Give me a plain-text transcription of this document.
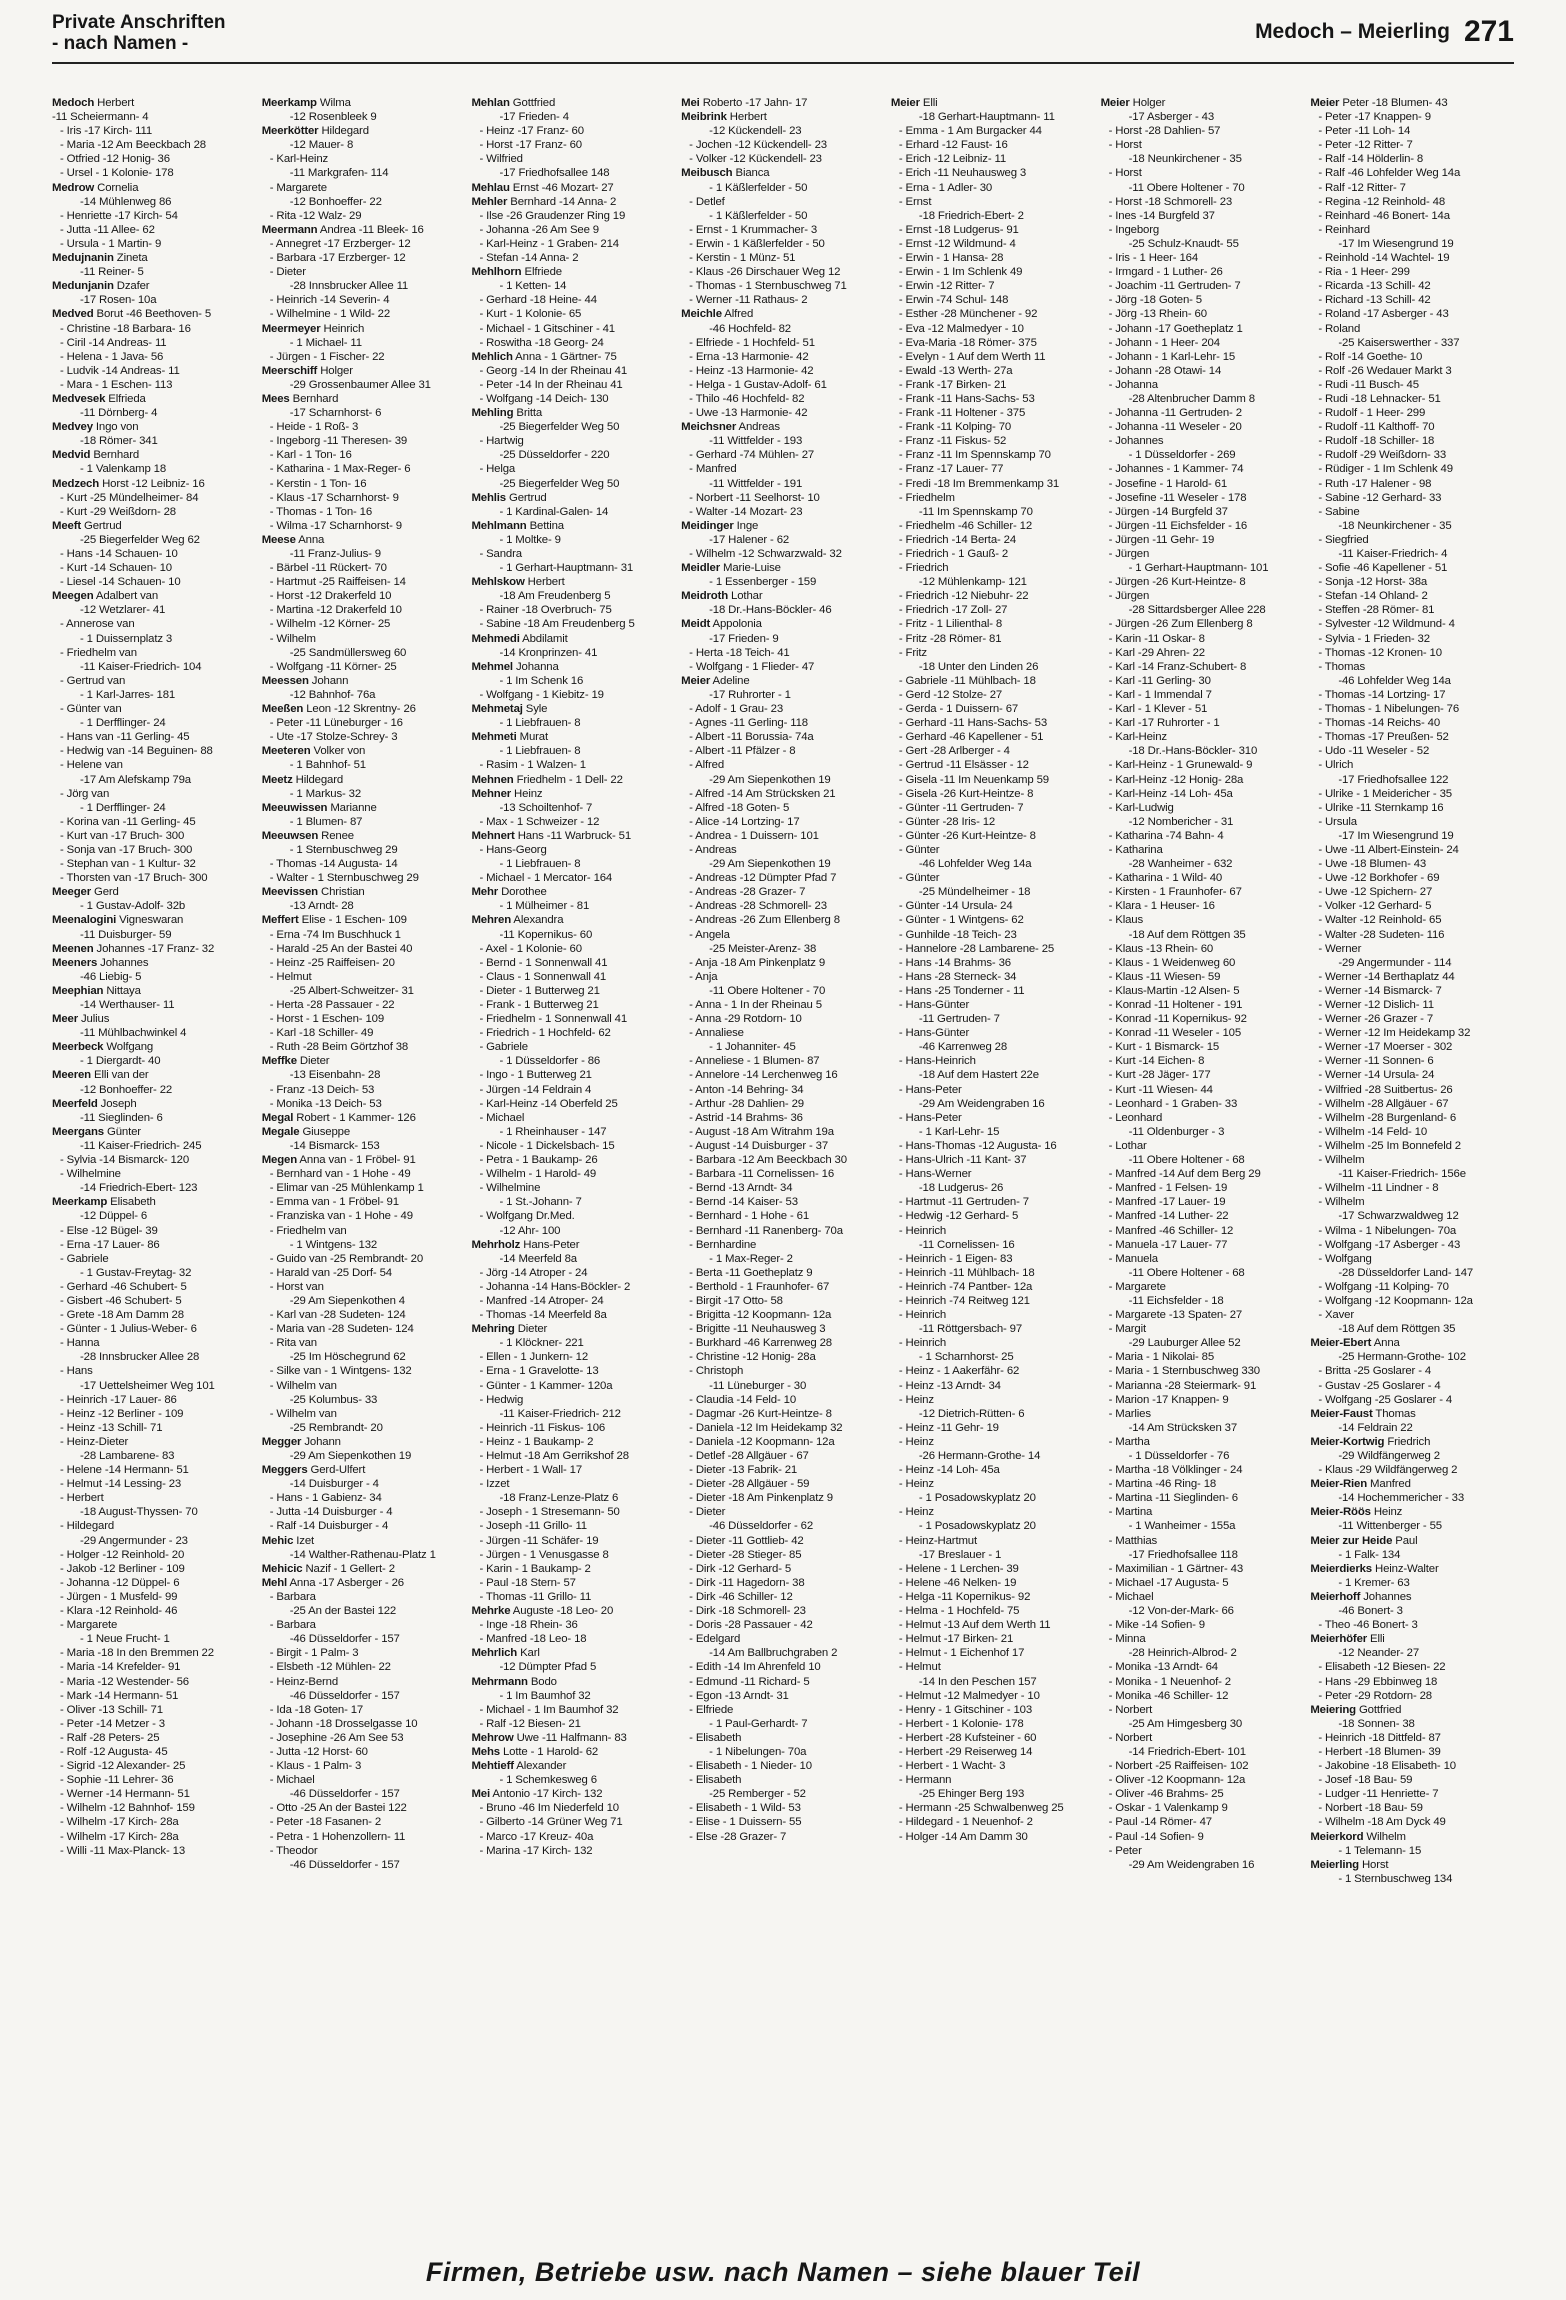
Private Anschriften
- nach Namen -
Medoch – Meierling 271
Medoch Herbert
-11 Scheiermann- 4
- Iris -17 Kirch- 111
- Maria -12 Am Beeckbach 28
- Otfried -12 Honig- 36
- Ursel - 1 Kolonie- 178
Medrow Cornelia
-14 Mühlenweg 86
- Henriette -17 Kirch- 54
- Jutta -11 Allee- 62
- Ursula - 1 Martin- 9
Medujnanin Zineta
-11 Reiner- 5
Medunjanin Dzafer
-17 Rosen- 10a
Medved Borut -46 Beethoven- 5
- Christine -18 Barbara- 16
- Ciril -14 Andreas- 11
- Helena - 1 Java- 56
- Ludvik -14 Andreas- 11
- Mara - 1 Eschen- 113
Medvesek Elfrieda
-11 Dörnberg- 4
Medvey Ingo von
-18 Römer- 341
Medvid Bernhard
- 1 Valenkamp 18
Medzech Horst -12 Leibniz- 16
- Kurt -25 Mündelheimer- 84
- Kurt -29 Weißdorn- 28
Meeft Gertrud
-25 Biegerfelder Weg 62
- Hans -14 Schauen- 10
- Kurt -14 Schauen- 10
- Liesel -14 Schauen- 10
Meegen Adalbert van
-12 Wetzlarer- 41
- Annerose van
- 1 Duissernplatz 3
- Friedhelm van
-11 Kaiser-Friedrich- 104
- Gertrud van
- 1 Karl-Jarres- 181
- Günter van
- 1 Derfflinger- 24
- Hans van -11 Gerling- 45
- Hedwig van -14 Beguinen- 88
- Helene van
-17 Am Alefskamp 79a
- Jörg van
- 1 Derfflinger- 24
- Korina van -11 Gerling- 45
- Kurt van -17 Bruch- 300
- Sonja van -17 Bruch- 300
- Stephan van - 1 Kultur- 32
- Thorsten van -17 Bruch- 300
Meeger Gerd
- 1 Gustav-Adolf- 32b
Meenalogini Vigneswaran
-11 Duisburger- 59
Meenen Johannes -17 Franz- 32
Meeners Johannes
-46 Liebig- 5
Meephian Nittaya
-14 Werthauser- 11
Meer Julius
-11 Mühlbachwinkel 4
Meerbeck Wolfgang
- 1 Diergardt- 40
Meeren Elli van der
-12 Bonhoeffer- 22
Meerfeld Joseph
-11 Sieglinden- 6
Meergans Günter
-11 Kaiser-Friedrich- 245
- Sylvia -14 Bismarck- 120
- Wilhelmine
-14 Friedrich-Ebert- 123
Meerkamp Elisabeth
-12 Düppel- 6
- Else -12 Bügel- 39
- Erna -17 Lauer- 86
- Gabriele
- 1 Gustav-Freytag- 32
- Gerhard -46 Schubert- 5
- Gisbert -46 Schubert- 5
- Grete -18 Am Damm 28
- Günter - 1 Julius-Weber- 6
- Hanna
-28 Innsbrucker Allee 28
- Hans
-17 Uettelsheimer Weg 101
- Heinrich -17 Lauer- 86
- Heinz -12 Berliner - 109
- Heinz -13 Schill- 71
- Heinz-Dieter
-28 Lambarene- 83
- Helene -14 Hermann- 51
- Helmut -14 Lessing- 23
- Herbert
-18 August-Thyssen- 70
- Hildegard
-29 Angermunder - 23
- Holger -12 Reinhold- 20
- Jakob -12 Berliner - 109
- Johanna -12 Düppel- 6
- Jürgen - 1 Musfeld- 99
- Klara -12 Reinhold- 46
- Margarete
- 1 Neue Frucht- 1
- Maria -18 In den Bremmen 22
- Maria -14 Krefelder- 91
- Maria -12 Westender- 56
- Mark -14 Hermann- 51
- Oliver -13 Schill- 71
- Peter -14 Metzer - 3
- Ralf -28 Peters- 25
- Rolf -12 Augusta- 45
- Sigrid -12 Alexander- 25
- Sophie -11 Lehrer- 36
- Werner -14 Hermann- 51
- Wilhelm -12 Bahnhof- 159
- Wilhelm -17 Kirch- 28a
- Wilhelm -17 Kirch- 28a
- Willi -11 Max-Planck- 13
Meerkamp Wilma
-12 Rosenbleek 9
Meerkötter Hildegard
-12 Mauer- 8
- Karl-Heinz
-11 Markgrafen- 114
- Margarete
-12 Bonhoeffer- 22
- Rita -12 Walz- 29
Meermann Andrea -11 Bleek- 16
- Annegret -17 Erzberger- 12
- Barbara -17 Erzberger- 12
- Dieter
-28 Innsbrucker Allee 11
- Heinrich -14 Severin- 4
- Wilhelmine - 1 Wild- 22
Meermeyer Heinrich
- 1 Michael- 11
- Jürgen - 1 Fischer- 22
Meerschiff Holger
-29 Grossenbaumer Allee 31
Mees Bernhard
-17 Scharnhorst- 6
- Heide - 1 Roß- 3
- Ingeborg -11 Theresen- 39
- Karl - 1 Ton- 16
- Katharina - 1 Max-Reger- 6
- Kerstin - 1 Ton- 16
- Klaus -17 Scharnhorst- 9
- Thomas - 1 Ton- 16
- Wilma -17 Scharnhorst- 9
Meese Anna
-11 Franz-Julius- 9
- Bärbel -11 Rückert- 70
- Hartmut -25 Raiffeisen- 14
- Horst -12 Drakerfeld 10
- Martina -12 Drakerfeld 10
- Wilhelm -12 Körner- 25
- Wilhelm
-25 Sandmüllersweg 60
- Wolfgang -11 Körner- 25
Meessen Johann
-12 Bahnhof- 76a
Meeßen Leon -12 Skrentny- 26
- Peter -11 Lüneburger - 16
- Ute -17 Stolze-Schrey- 3
Meeteren Volker von
- 1 Bahnhof- 51
Meetz Hildegard
- 1 Markus- 32
Meeuwissen Marianne
- 1 Blumen- 87
Meeuwsen Renee
- 1 Sternbuschweg 29
- Thomas -14 Augusta- 14
- Walter - 1 Sternbuschweg 29
Meevissen Christian
-13 Arndt- 28
Meffert Elise - 1 Eschen- 109
- Erna -74 Im Buschhuck 1
- Harald -25 An der Bastei 40
- Heinz -25 Raiffeisen- 20
- Helmut
-25 Albert-Schweitzer- 31
- Herta -28 Passauer - 22
- Horst - 1 Eschen- 109
- Karl -18 Schiller- 49
- Ruth -28 Beim Görtzhof 38
Meffke Dieter
-13 Eisenbahn- 28
- Franz -13 Deich- 53
- Monika -13 Deich- 53
Megal Robert - 1 Kammer- 126
Megale Giuseppe
-14 Bismarck- 153
Megen Anna van - 1 Fröbel- 91
- Bernhard van - 1 Hohe - 49
- Elimar van -25 Mühlenkamp 1
- Emma van - 1 Fröbel- 91
- Franziska van - 1 Hohe - 49
- Friedhelm van
- 1 Wintgens- 132
- Guido van -25 Rembrandt- 20
- Harald van -25 Dorf- 54
- Horst van
-29 Am Siepenkothen 4
- Karl van -28 Sudeten- 124
- Maria van -28 Sudeten- 124
- Rita van
-25 Im Höschegrund 62
- Silke van - 1 Wintgens- 132
- Wilhelm van
-25 Kolumbus- 33
- Wilhelm van
-25 Rembrandt- 20
Megger Johann
-29 Am Siepenkothen 19
Meggers Gerd-Ulfert
-14 Duisburger - 4
- Hans - 1 Gabienz- 34
- Jutta -14 Duisburger - 4
- Ralf -14 Duisburger - 4
Mehic Izet
-14 Walther-Rathenau-Platz 1
Mehicic Nazif - 1 Gellert- 2
Mehl Anna -17 Asberger - 26
- Barbara
-25 An der Bastei 122
- Barbara
-46 Düsseldorfer - 157
- Birgit - 1 Palm- 3
- Elsbeth -12 Mühlen- 22
- Heinz-Bernd
-46 Düsseldorfer - 157
- Ida -18 Goten- 17
- Johann -18 Drosselgasse 10
- Josephine -26 Am See 53
- Jutta -12 Horst- 60
- Klaus - 1 Palm- 3
- Michael
-46 Düsseldorfer - 157
- Otto -25 An der Bastei 122
- Peter -18 Fasanen- 2
- Petra - 1 Hohenzollern- 11
- Theodor
-46 Düsseldorfer - 157
Mehlan Gottfried
-17 Frieden- 4
- Heinz -17 Franz- 60
- Horst -17 Franz- 60
- Wilfried
-17 Friedhofsallee 148
Mehlau Ernst -46 Mozart- 27
Mehler Bernhard -14 Anna- 2
- Ilse -26 Graudenzer Ring 19
- Johanna -26 Am See 9
- Karl-Heinz - 1 Graben- 214
- Stefan -14 Anna- 2
Mehlhorn Elfriede
- 1 Ketten- 14
- Gerhard -18 Heine- 44
- Kurt - 1 Kolonie- 65
- Michael - 1 Gitschiner - 41
- Roswitha -18 Georg- 24
Mehlich Anna - 1 Gärtner- 75
- Georg -14 In der Rheinau 41
- Peter -14 In der Rheinau 41
- Wolfgang -14 Deich- 130
Mehling Britta
-25 Biegerfelder Weg 50
- Hartwig
-25 Düsseldorfer - 220
- Helga
-25 Biegerfelder Weg 50
Mehlis Gertrud
- 1 Kardinal-Galen- 14
Mehlmann Bettina
- 1 Moltke- 9
- Sandra
- 1 Gerhart-Hauptmann- 31
Mehlskow Herbert
-18 Am Freudenberg 5
- Rainer -18 Overbruch- 75
- Sabine -18 Am Freudenberg 5
Mehmedi Abdilamit
-14 Kronprinzen- 41
Mehmel Johanna
- 1 Im Schenk 16
- Wolfgang - 1 Kiebitz- 19
Mehmetaj Syle
- 1 Liebfrauen- 8
Mehmeti Murat
- 1 Liebfrauen- 8
- Rasim - 1 Walzen- 1
Mehnen Friedhelm - 1 Dell- 22
Mehner Heinz
-13 Schoiltenhof- 7
- Max - 1 Schweizer - 12
Mehnert Hans -11 Warbruck- 51
- Hans-Georg
- 1 Liebfrauen- 8
- Michael - 1 Mercator- 164
Mehr Dorothee
- 1 Mülheimer - 81
Mehren Alexandra
-11 Kopernikus- 60
- Axel - 1 Kolonie- 60
- Bernd - 1 Sonnenwall 41
- Claus - 1 Sonnenwall 41
- Dieter - 1 Butterweg 21
- Frank - 1 Butterweg 21
- Friedhelm - 1 Sonnenwall 41
- Friedrich - 1 Hochfeld- 62
- Gabriele
- 1 Düsseldorfer - 86
- Ingo - 1 Butterweg 21
- Jürgen -14 Feldrain 4
- Karl-Heinz -14 Oberfeld 25
- Michael
- 1 Rheinhauser - 147
- Nicole - 1 Dickelsbach- 15
- Petra - 1 Baukamp- 26
- Wilhelm - 1 Harold- 49
- Wilhelmine
- 1 St.-Johann- 7
- Wolfgang Dr.Med.
-12 Ahr- 100
Mehrholz Hans-Peter
-14 Meerfeld 8a
- Jörg -14 Atroper - 24
- Johanna -14 Hans-Böckler- 2
- Manfred -14 Atroper- 24
- Thomas -14 Meerfeld 8a
Mehring Dieter
- 1 Klöckner- 221
- Ellen - 1 Junkern- 12
- Erna - 1 Gravelotte- 13
- Günter - 1 Kammer- 120a
- Hedwig
-11 Kaiser-Friedrich- 212
- Heinrich -11 Fiskus- 106
- Heinz - 1 Baukamp- 2
- Helmut -18 Am Gerrikshof 28
- Herbert - 1 Wall- 17
- Izzet
-18 Franz-Lenze-Platz 6
- Joseph - 1 Stresemann- 50
- Joseph -11 Grillo- 11
- Jürgen -11 Schäfer- 19
- Jürgen - 1 Venusgasse 8
- Karin - 1 Baukamp- 2
- Paul -18 Stern- 57
- Thomas -11 Grillo- 11
Mehrke Auguste -18 Leo- 20
- Inge -18 Rhein- 36
- Manfred -18 Leo- 18
Mehrlich Karl
-12 Dümpter Pfad 5
Mehrmann Bodo
- 1 Im Baumhof 32
- Michael - 1 Im Baumhof 32
- Ralf -12 Biesen- 21
Mehrow Uwe -11 Halfmann- 83
Mehs Lotte - 1 Harold- 62
Mehtieff Alexander
- 1 Schemkesweg 6
Mei Antonio -17 Kirch- 132
- Bruno -46 Im Niederfeld 10
- Gilberto -14 Grüner Weg 71
- Marco -17 Kreuz- 40a
- Marina -17 Kirch- 132
Mei Roberto -17 Jahn- 17
Meibrink Herbert
-12 Kückendell- 23
- Jochen -12 Kückendell- 23
- Volker -12 Kückendell- 23
Meibusch Bianca
- 1 Käßlerfelder - 50
- Detlef
- 1 Käßlerfelder - 50
- Ernst - 1 Krummacher- 3
- Erwin - 1 Käßlerfelder - 50
- Kerstin - 1 Münz- 51
- Klaus -26 Dirschauer Weg 12
- Thomas - 1 Sternbuschweg 71
- Werner -11 Rathaus- 2
Meichle Alfred
-46 Hochfeld- 82
- Elfriede - 1 Hochfeld- 51
- Erna -13 Harmonie- 42
- Heinz -13 Harmonie- 42
- Helga - 1 Gustav-Adolf- 61
- Thilo -46 Hochfeld- 82
- Uwe -13 Harmonie- 42
Meichsner Andreas
-11 Wittfelder - 193
- Gerhard -74 Mühlen- 27
- Manfred
-11 Wittfelder - 191
- Norbert -11 Seelhorst- 10
- Walter -14 Mozart- 23
Meidinger Inge
-17 Halener - 62
- Wilhelm -12 Schwarzwald- 32
Meidler Marie-Luise
- 1 Essenberger - 159
Meidroth Lothar
-18 Dr.-Hans-Böckler- 46
Meidt Appolonia
-17 Frieden- 9
- Herta -18 Teich- 41
- Wolfgang - 1 Flieder- 47
Meier Adeline
-17 Ruhrorter - 1
- Adolf - 1 Grau- 23
- Agnes -11 Gerling- 118
- Albert -11 Borussia- 74a
- Albert -11 Pfälzer - 8
- Alfred
-29 Am Siepenkothen 19
- Alfred -14 Am Strücksken 21
- Alfred -18 Goten- 5
- Alice -14 Lortzing- 17
- Andrea - 1 Duissern- 101
- Andreas
-29 Am Siepenkothen 19
- Andreas -12 Dümpter Pfad 7
- Andreas -28 Grazer- 7
- Andreas -28 Schmorell- 23
- Andreas -26 Zum Ellenberg 8
- Angela
-25 Meister-Arenz- 38
- Anja -18 Am Pinkenplatz 9
- Anja
-11 Obere Holtener - 70
- Anna - 1 In der Rheinau 5
- Anna -29 Rotdorn- 10
- Annaliese
- 1 Johanniter- 45
- Anneliese - 1 Blumen- 87
- Annelore -14 Lerchenweg 16
- Anton -14 Behring- 34
- Arthur -28 Dahlien- 29
- Astrid -14 Brahms- 36
- August -18 Am Witrahm 19a
- August -14 Duisburger - 37
- Barbara -12 Am Beeckbach 30
- Barbara -11 Cornelissen- 16
- Bernd -13 Arndt- 34
- Bernd -14 Kaiser- 53
- Bernhard - 1 Hohe - 61
- Bernhard -11 Ranenberg- 70a
- Bernhardine
- 1 Max-Reger- 2
- Berta -11 Goetheplatz 9
- Berthold - 1 Fraunhofer- 67
- Birgit -17 Otto- 58
- Brigitta -12 Koopmann- 12a
- Brigitte -11 Neuhausweg 3
- Burkhard -46 Karrenweg 28
- Christine -12 Honig- 28a
- Christoph
-11 Lüneburger - 30
- Claudia -14 Feld- 10
- Dagmar -26 Kurt-Heintze- 8
- Daniela -12 Im Heidekamp 32
- Daniela -12 Koopmann- 12a
- Detlef -28 Allgäuer - 67
- Dieter -13 Fabrik- 21
- Dieter -28 Allgäuer - 59
- Dieter -18 Am Pinkenplatz 9
- Dieter
-46 Düsseldorfer - 62
- Dieter -11 Gottlieb- 42
- Dieter -28 Stieger- 85
- Dirk -12 Gerhard- 5
- Dirk -11 Hagedorn- 38
- Dirk -46 Schiller- 12
- Dirk -18 Schmorell- 23
- Doris -28 Passauer - 42
- Edelgard
-14 Am Ballbruchgraben 2
- Edith -14 Im Ahrenfeld 10
- Edmund -11 Richard- 5
- Egon -13 Arndt- 31
- Elfriede
- 1 Paul-Gerhardt- 7
- Elisabeth
- 1 Nibelungen- 70a
- Elisabeth - 1 Nieder- 10
- Elisabeth
-25 Remberger - 52
- Elisabeth - 1 Wild- 53
- Elise - 1 Duissern- 55
- Else -28 Grazer- 7
Meier Elli
-18 Gerhart-Hauptmann- 11
- Emma - 1 Am Burgacker 44
- Erhard -12 Faust- 16
- Erich -12 Leibniz- 11
- Erich -11 Neuhausweg 3
- Erna - 1 Adler- 30
- Ernst
-18 Friedrich-Ebert- 2
- Ernst -18 Ludgerus- 91
- Ernst -12 Wildmund- 4
- Erwin - 1 Hansa- 28
- Erwin - 1 Im Schlenk 49
- Erwin -12 Ritter- 7
- Erwin -74 Schul- 148
- Esther -28 Münchener - 92
- Eva -12 Malmedyer - 10
- Eva-Maria -18 Römer- 375
- Evelyn - 1 Auf dem Werth 11
- Ewald -13 Werth- 27a
- Frank -17 Birken- 21
- Frank -11 Hans-Sachs- 53
- Frank -11 Holtener - 375
- Frank -11 Kolping- 70
- Franz -11 Fiskus- 52
- Franz -11 Im Spennskamp 70
- Franz -17 Lauer- 77
- Fredi -18 Im Bremmenkamp 31
- Friedhelm
-11 Im Spennskamp 70
- Friedhelm -46 Schiller- 12
- Friedrich -14 Berta- 24
- Friedrich - 1 Gauß- 2
- Friedrich
-12 Mühlenkamp- 121
- Friedrich -12 Niebuhr- 22
- Friedrich -17 Zoll- 27
- Fritz - 1 Lilienthal- 8
- Fritz -28 Römer- 81
- Fritz
-18 Unter den Linden 26
- Gabriele -11 Mühlbach- 18
- Gerd -12 Stolze- 27
- Gerda - 1 Duissern- 67
- Gerhard -11 Hans-Sachs- 53
- Gerhard -46 Kapellener - 51
- Gert -28 Arlberger - 4
- Gertrud -11 Elsässer - 12
- Gisela -11 Im Neuenkamp 59
- Gisela -26 Kurt-Heintze- 8
- Günter -11 Gertruden- 7
- Günter -28 Iris- 12
- Günter -26 Kurt-Heintze- 8
- Günter
-46 Lohfelder Weg 14a
- Günter
-25 Mündelheimer - 18
- Günter -14 Ursula- 24
- Günter - 1 Wintgens- 62
- Gunhilde -18 Teich- 23
- Hannelore -28 Lambarene- 25
- Hans -14 Brahms- 36
- Hans -28 Sterneck- 34
- Hans -25 Tonderner - 11
- Hans-Günter
-11 Gertruden- 7
- Hans-Günter
-46 Karrenweg 28
- Hans-Heinrich
-18 Auf dem Hastert 22e
- Hans-Peter
-29 Am Weidengraben 16
- Hans-Peter
- 1 Karl-Lehr- 15
- Hans-Thomas -12 Augusta- 16
- Hans-Ulrich -11 Kant- 37
- Hans-Werner
-18 Ludgerus- 26
- Hartmut -11 Gertruden- 7
- Hedwig -12 Gerhard- 5
- Heinrich
-11 Cornelissen- 16
- Heinrich - 1 Eigen- 83
- Heinrich -11 Mühlbach- 18
- Heinrich -74 Pantber- 12a
- Heinrich -74 Reitweg 121
- Heinrich
-11 Röttgersbach- 97
- Heinrich
- 1 Scharnhorst- 25
- Heinz - 1 Aakerfähr- 62
- Heinz -13 Arndt- 34
- Heinz
-12 Dietrich-Rütten- 6
- Heinz -11 Gehr- 19
- Heinz
-26 Hermann-Grothe- 14
- Heinz -14 Loh- 45a
- Heinz
- 1 Posadowskyplatz 20
- Heinz
- 1 Posadowskyplatz 20
- Heinz-Hartmut
-17 Breslauer - 1
- Helene - 1 Lerchen- 39
- Helene -46 Nelken- 19
- Helga -11 Kopernikus- 92
- Helma - 1 Hochfeld- 75
- Helmut -13 Auf dem Werth 11
- Helmut -17 Birken- 21
- Helmut - 1 Eichenhof 17
- Helmut
-14 In den Peschen 157
- Helmut -12 Malmedyer - 10
- Henry - 1 Gitschiner - 103
- Herbert - 1 Kolonie- 178
- Herbert -28 Kufsteiner - 60
- Herbert -29 Reiserweg 14
- Herbert - 1 Wacht- 3
- Hermann
-25 Ehinger Berg 193
- Hermann -25 Schwalbenweg 25
- Hildegard - 1 Neuenhof- 2
- Holger -14 Am Damm 30
Meier Holger
-17 Asberger - 43
- Horst -28 Dahlien- 57
- Horst
-18 Neunkirchener - 35
- Horst
-11 Obere Holtener - 70
- Horst -18 Schmorell- 23
- Ines -14 Burgfeld 37
- Ingeborg
-25 Schulz-Knaudt- 55
- Iris - 1 Heer- 164
- Irmgard - 1 Luther- 26
- Joachim -11 Gertruden- 7
- Jörg -18 Goten- 5
- Jörg -13 Rhein- 60
- Johann -17 Goetheplatz 1
- Johann - 1 Heer- 204
- Johann - 1 Karl-Lehr- 15
- Johann -28 Otawi- 14
- Johanna
-28 Altenbrucher Damm 8
- Johanna -11 Gertruden- 2
- Johanna -11 Weseler - 20
- Johannes
- 1 Düsseldorfer - 269
- Johannes - 1 Kammer- 74
- Josefine - 1 Harold- 61
- Josefine -11 Weseler - 178
- Jürgen -14 Burgfeld 37
- Jürgen -11 Eichsfelder - 16
- Jürgen -11 Gehr- 19
- Jürgen
- 1 Gerhart-Hauptmann- 101
- Jürgen -26 Kurt-Heintze- 8
- Jürgen
-28 Sittardsberger Allee 228
- Jürgen -26 Zum Ellenberg 8
- Karin -11 Oskar- 8
- Karl -29 Ahren- 22
- Karl -14 Franz-Schubert- 8
- Karl -11 Gerling- 30
- Karl - 1 Immendal 7
- Karl - 1 Klever - 51
- Karl -17 Ruhrorter - 1
- Karl-Heinz
-18 Dr.-Hans-Böckler- 310
- Karl-Heinz - 1 Grunewald- 9
- Karl-Heinz -12 Honig- 28a
- Karl-Heinz -14 Loh- 45a
- Karl-Ludwig
-12 Nombericher - 31
- Katharina -74 Bahn- 4
- Katharina
-28 Wanheimer - 632
- Katharina - 1 Wild- 40
- Kirsten - 1 Fraunhofer- 67
- Klara - 1 Heuser- 16
- Klaus
-18 Auf dem Röttgen 35
- Klaus -13 Rhein- 60
- Klaus - 1 Weidenweg 60
- Klaus -11 Wiesen- 59
- Klaus-Martin -12 Alsen- 5
- Konrad -11 Holtener - 191
- Konrad -11 Kopernikus- 92
- Konrad -11 Weseler - 105
- Kurt - 1 Bismarck- 15
- Kurt -14 Eichen- 8
- Kurt -28 Jäger- 177
- Kurt -11 Wiesen- 44
- Leonhard - 1 Graben- 33
- Leonhard
-11 Oldenburger - 3
- Lothar
-11 Obere Holtener - 68
- Manfred -14 Auf dem Berg 29
- Manfred - 1 Felsen- 19
- Manfred -17 Lauer- 19
- Manfred -14 Luther- 22
- Manfred -46 Schiller- 12
- Manuela -17 Lauer- 77
- Manuela
-11 Obere Holtener - 68
- Margarete
-11 Eichsfelder - 18
- Margarete -13 Spaten- 27
- Margit
-29 Lauburger Allee 52
- Maria - 1 Nikolai- 85
- Maria - 1 Sternbuschweg 330
- Marianna -28 Steiermark- 91
- Marion -17 Knappen- 9
- Marlies
-14 Am Strücksken 37
- Martha
- 1 Düsseldorfer - 76
- Martha -18 Völklinger - 24
- Martina -46 Ring- 18
- Martina -11 Sieglinden- 6
- Martina
- 1 Wanheimer - 155a
- Matthias
-17 Friedhofsallee 118
- Maximilian - 1 Gärtner- 43
- Michael -17 Augusta- 5
- Michael
-12 Von-der-Mark- 66
- Mike -14 Sofien- 9
- Minna
-28 Heinrich-Albrod- 2
- Monika -13 Arndt- 64
- Monika - 1 Neuenhof- 2
- Monika -46 Schiller- 12
- Norbert
-25 Am Himgesberg 30
- Norbert
-14 Friedrich-Ebert- 101
- Norbert -25 Raiffeisen- 102
- Oliver -12 Koopmann- 12a
- Oliver -46 Brahms- 25
- Oskar - 1 Valenkamp 9
- Paul -14 Römer- 47
- Paul -14 Sofien- 9
- Peter
-29 Am Weidengraben 16
Meier Peter -18 Blumen- 43
- Peter -17 Knappen- 9
- Peter -11 Loh- 14
- Peter -12 Ritter- 7
- Ralf -14 Hölderlin- 8
- Ralf -46 Lohfelder Weg 14a
- Ralf -12 Ritter- 7
- Regina -12 Reinhold- 48
- Reinhard -46 Bonert- 14a
- Reinhard
-17 Im Wiesengrund 19
- Reinhold -14 Wachtel- 19
- Ria - 1 Heer- 299
- Ricarda -13 Schill- 42
- Richard -13 Schill- 42
- Roland -17 Asberger - 43
- Roland
-25 Kaiserswerther - 337
- Rolf -14 Goethe- 10
- Rolf -26 Wedauer Markt 3
- Rudi -11 Busch- 45
- Rudi -18 Lehnacker- 51
- Rudolf - 1 Heer- 299
- Rudolf -11 Kalthoff- 70
- Rudolf -18 Schiller- 18
- Rudolf -29 Weißdorn- 33
- Rüdiger - 1 Im Schlenk 49
- Ruth -17 Halener - 98
- Sabine -12 Gerhard- 33
- Sabine
-18 Neunkirchener - 35
- Siegfried
-11 Kaiser-Friedrich- 4
- Sofie -46 Kapellener - 51
- Sonja -12 Horst- 38a
- Stefan -14 Ohland- 2
- Steffen -28 Römer- 81
- Sylvester -12 Wildmund- 4
- Sylvia - 1 Frieden- 32
- Thomas -12 Kronen- 10
- Thomas
-46 Lohfelder Weg 14a
- Thomas -14 Lortzing- 17
- Thomas - 1 Nibelungen- 76
- Thomas -14 Reichs- 40
- Thomas -17 Preußen- 52
- Udo -11 Weseler - 52
- Ulrich
-17 Friedhofsallee 122
- Ulrike - 1 Meidericher - 35
- Ulrike -11 Sternkamp 16
- Ursula
-17 Im Wiesengrund 19
- Uwe -11 Albert-Einstein- 24
- Uwe -18 Blumen- 43
- Uwe -12 Borkhofer - 69
- Uwe -12 Spichern- 27
- Volker -12 Gerhard- 5
- Walter -12 Reinhold- 65
- Walter -28 Sudeten- 116
- Werner
-29 Angermunder - 114
- Werner -14 Berthaplatz 44
- Werner -14 Bismarck- 7
- Werner -12 Dislich- 11
- Werner -26 Grazer - 7
- Werner -12 Im Heidekamp 32
- Werner -17 Moerser - 302
- Werner -11 Sonnen- 6
- Werner -14 Ursula- 24
- Wilfried -28 Suitbertus- 26
- Wilhelm -28 Allgäuer - 67
- Wilhelm -28 Burgenland- 6
- Wilhelm -14 Feld- 10
- Wilhelm -25 Im Bonnefeld 2
- Wilhelm
-11 Kaiser-Friedrich- 156e
- Wilhelm -11 Lindner - 8
- Wilhelm
-17 Schwarzwaldweg 12
- Wilma - 1 Nibelungen- 70a
- Wolfgang -17 Asberger - 43
- Wolfgang
-28 Düsseldorfer Land- 147
- Wolfgang -11 Kolping- 70
- Wolfgang -12 Koopmann- 12a
- Xaver
-18 Auf dem Röttgen 35
Meier-Ebert Anna
-25 Hermann-Grothe- 102
- Britta -25 Goslarer - 4
- Gustav -25 Goslarer - 4
- Wolfgang -25 Goslarer - 4
Meier-Faust Thomas
-14 Feldrain 22
Meier-Kortwig Friedrich
-29 Wildfängerweg 2
- Klaus -29 Wildfängerweg 2
Meier-Rien Manfred
-14 Hochemmericher - 33
Meier-Röös Heinz
-11 Wittenberger - 55
Meier zur Heide Paul
- 1 Falk- 134
Meierdierks Heinz-Walter
- 1 Kremer- 63
Meierhoff Johannes
-46 Bonert- 3
- Theo -46 Bonert- 3
Meierhöfer Elli
-12 Neander- 27
- Elisabeth -12 Biesen- 22
- Hans -29 Ebbinweg 18
- Peter -29 Rotdorn- 28
Meiering Gottfried
-18 Sonnen- 38
- Heinrich -18 Dittfeld- 87
- Herbert -18 Blumen- 39
- Jakobine -18 Elisabeth- 10
- Josef -18 Bau- 59
- Ludger -11 Henriette- 7
- Norbert -18 Bau- 59
- Wilhelm -18 Am Dyck 49
Meierkord Wilhelm
- 1 Telemann- 15
Meierling Horst
- 1 Sternbuschweg 134
Firmen, Betriebe usw. nach Namen – siehe blauer Teil
